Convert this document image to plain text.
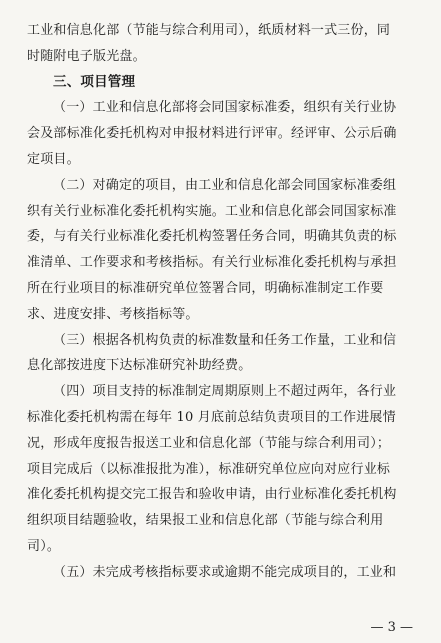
工业和信息化部（节能与综合利用司），纸质材料一式三份，同
时随附电子版光盘。
三、项目管理
（一）工业和信息化部将会同国家标准委，组织有关行业协
会及部标准化委托机构对申报材料进行评审。经评审、公示后确
定项目。
（二）对确定的项目，由工业和信息化部会同国家标准委组
织有关行业标准化委托机构实施。工业和信息化部会同国家标准
委，与有关行业标准化委托机构签署任务合同，明确其负责的标
准清单、工作要求和考核指标。有关行业标准化委托机构与承担
所在行业项目的标准研究单位签署合同，明确标准制定工作要
求、进度安排、考核指标等。
（三）根据各机构负责的标准数量和任务工作量，工业和信
息化部按进度下达标准研究补助经费。
（四）项目支持的标准制定周期原则上不超过两年，各行业
标准化委托机构需在每年 10 月底前总结负责项目的工作进展情
况，形成年度报告报送工业和信息化部（节能与综合利用司）；
项目完成后（以标准报批为准），标准研究单位应向对应行业标
准化委托机构提交完工报告和验收申请，由行业标准化委托机构
组织项目结题验收，结果报工业和信息化部（节能与综合利用
司）。
（五）未完成考核指标要求或逾期不能完成项目的，工业和
— 3 —
